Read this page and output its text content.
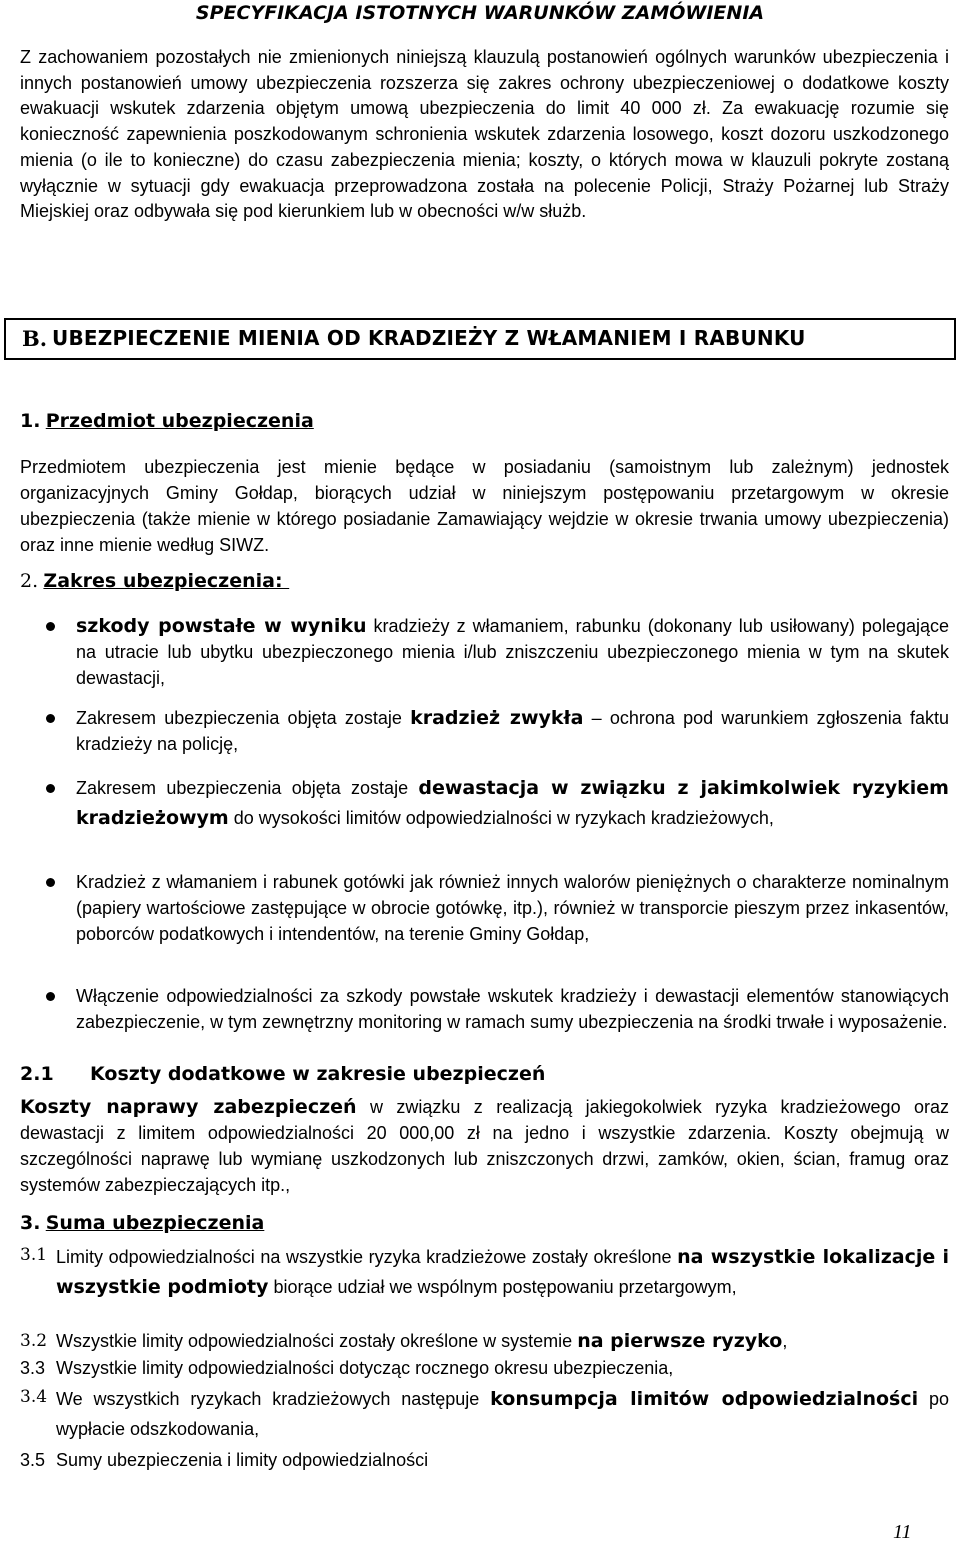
SPECYFIKACJA ISTOTNYCH WARUNKÓW ZAMÓWIENIA

Z zachowaniem pozostałych nie zmienionych niniejszą klauzulą postanowień ogólnych warunków ubezpieczenia i innych postanowień umowy ubezpieczenia rozszerza się zakres ochrony ubezpieczeniowej o dodatkowe koszty ewakuacji wskutek zdarzenia objętym umową ubezpieczenia do limit 40 000 zł. Za ewakuację rozumie się konieczność zapewnienia poszkodowanym schronienia wskutek zdarzenia losowego, koszt dozoru uszkodzonego mienia (o ile to konieczne) do czasu zabezpieczenia mienia; koszty, o których mowa w klauzuli pokryte zostaną wyłącznie w sytuacji gdy ewakuacja przeprowadzona została na polecenie Policji, Straży Pożarnej lub Straży Miejskiej oraz odbywała się pod kierunkiem lub w obecności w/w służb.

B. UBEZPIECZENIE MIENIA OD KRADZIEŻY Z WŁAMANIEM I RABUNKU
1. Przedmiot ubezpieczenia

Przedmiotem ubezpieczenia jest mienie będące w posiadaniu (samoistnym lub zależnym) jednostek organizacyjnych Gminy Gołdap, biorących udział w niniejszym postępowaniu przetargowym w okresie ubezpieczenia (także mienie w którego posiadanie Zamawiający wejdzie w okresie trwania umowy ubezpieczenia) oraz inne mienie według SIWZ.

2. Zakres ubezpieczenia:

szkody powstałe w wyniku kradzieży z włamaniem, rabunku (dokonany lub usiłowany) polegające na utracie lub ubytku ubezpieczonego mienia i/lub zniszczeniu ubezpieczonego mienia w tym na skutek dewastacji,

Zakresem ubezpieczenia objęta zostaje kradzież zwykła – ochrona pod warunkiem zgłoszenia faktu kradzieży na policję,

Zakresem ubezpieczenia objęta zostaje dewastacja w związku z jakimkolwiek ryzykiem kradzieżowym do wysokości limitów odpowiedzialności w ryzykach kradzieżowych,

Kradzież z włamaniem i rabunek gotówki jak również innych walorów pieniężnych o charakterze nominalnym (papiery wartościowe zastępujące w obrocie gotówkę, itp.), również w transporcie pieszym przez inkasentów, poborców podatkowych i intendentów, na terenie Gminy Gołdap,

Włączenie odpowiedzialności za szkody powstałe wskutek kradzieży i dewastacji elementów stanowiących zabezpieczenie, w tym zewnętrzny monitoring w ramach sumy ubezpieczenia na środki trwałe i wyposażenie.

2.1 Koszty dodatkowe w zakresie ubezpieczeń

Koszty naprawy zabezpieczeń w związku z realizacją jakiegokolwiek ryzyka kradzieżowego oraz dewastacji z limitem odpowiedzialności 20 000,00 zł na jedno i wszystkie zdarzenia. Koszty obejmują w szczególności naprawę lub wymianę uszkodzonych lub zniszczonych drzwi, zamków, okien, ścian, framug oraz systemów zabezpieczających itp.,

3. Suma ubezpieczenia
3.1 Limity odpowiedzialności na wszystkie ryzyka kradzieżowe zostały określone na wszystkie lokalizacje i wszystkie podmioty biorące udział we wspólnym postępowaniu przetargowym,
3.2 Wszystkie limity odpowiedzialności zostały określone w systemie na pierwsze ryzyko,
3.3 Wszystkie limity odpowiedzialności dotycząc rocznego okresu ubezpieczenia,
3.4 We wszystkich ryzykach kradzieżowych następuje konsumpcja limitów odpowiedzialności po wypłacie odszkodowania,
3.5 Sumy ubezpieczenia i limity odpowiedzialności
11
